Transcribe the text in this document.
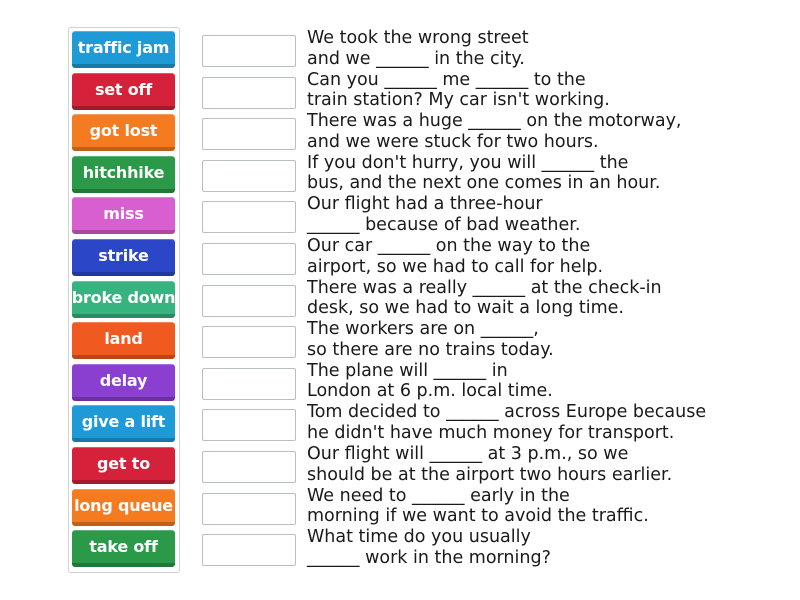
traffic jam
set off
got lost
hitchhike
miss
strike
broke down
land
delay
give a lift
get to
long queue
take off
We took the wrong street
and we ______ in the city.
Can you ______ me ______ to the
train station? My car isn't working.
There was a huge ______ on the motorway,
and we were stuck for two hours.
If you don't hurry, you will ______ the
bus, and the next one comes in an hour.
Our flight had a three-hour
______ because of bad weather.
Our car ______ on the way to the
airport, so we had to call for help.
There was a really ______ at the check-in
desk, so we had to wait a long time.
The workers are on ______,
so there are no trains today.
The plane will ______ in
London at 6 p.m. local time.
Tom decided to ______ across Europe because
he didn't have much money for transport.
Our flight will ______ at 3 p.m., so we
should be at the airport two hours earlier.
We need to ______ early in the
morning if we want to avoid the traffic.
What time do you usually
______ work in the morning?
